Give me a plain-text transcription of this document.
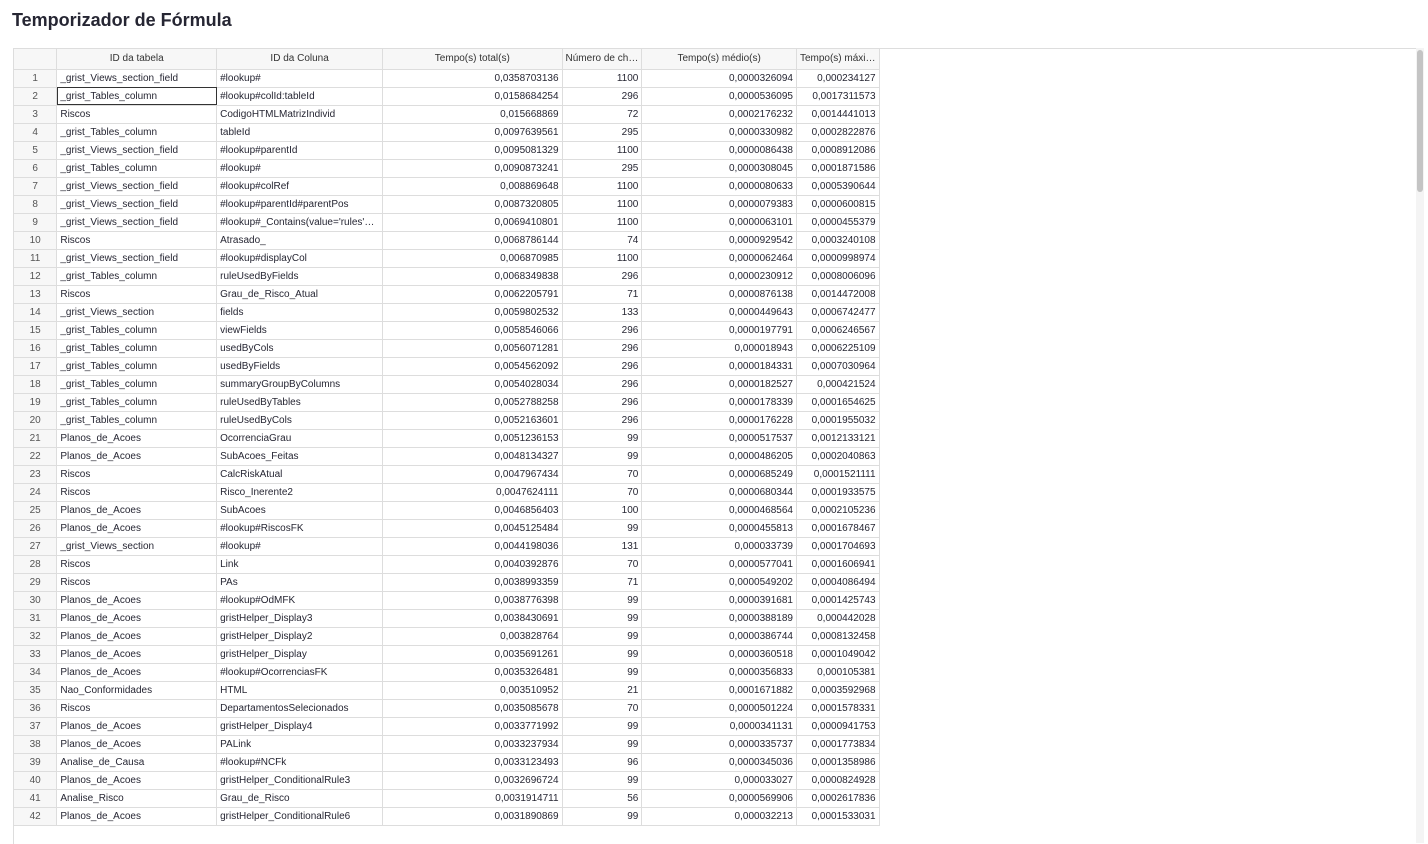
Temporizador de Fórmula
	ID da tabela	ID da Coluna	Tempo(s) total(s)	Número de ch…	Tempo(s) médio(s)	Tempo(s) máxi…	
1	_grist_Views_section_field	#lookup#	0,0358703136	1100	0,0000326094	0,000234127	
2	_grist_Tables_column	#lookup#colId:tableId	0,0158684254	296	0,0000536095	0,0017311573	
3	Riscos	CodigoHTMLMatrizIndivid	0,015668869	72	0,0002176232	0,0014441013	
4	_grist_Tables_column	tableId	0,0097639561	295	0,0000330982	0,0002822876	
5	_grist_Views_section_field	#lookup#parentId	0,0095081329	1100	0,0000086438	0,0008912086	
6	_grist_Tables_column	#lookup#	0,0090873241	295	0,0000308045	0,0001871586	
7	_grist_Views_section_field	#lookup#colRef	0,008869648	1100	0,0000080633	0,0005390644	
8	_grist_Views_section_field	#lookup#parentId#parentPos	0,0087320805	1100	0,0000079383	0,0000600815	
9	_grist_Views_section_field	#lookup#_Contains(value='rules'…	0,0069410801	1100	0,0000063101	0,0000455379	
10	Riscos	Atrasado_	0,0068786144	74	0,0000929542	0,0003240108	
11	_grist_Views_section_field	#lookup#displayCol	0,006870985	1100	0,0000062464	0,0000998974	
12	_grist_Tables_column	ruleUsedByFields	0,0068349838	296	0,0000230912	0,0008006096	
13	Riscos	Grau_de_Risco_Atual	0,0062205791	71	0,0000876138	0,0014472008	
14	_grist_Views_section	fields	0,0059802532	133	0,0000449643	0,0006742477	
15	_grist_Tables_column	viewFields	0,0058546066	296	0,0000197791	0,0006246567	
16	_grist_Tables_column	usedByCols	0,0056071281	296	0,000018943	0,0006225109	
17	_grist_Tables_column	usedByFields	0,0054562092	296	0,0000184331	0,0007030964	
18	_grist_Tables_column	summaryGroupByColumns	0,0054028034	296	0,0000182527	0,000421524	
19	_grist_Tables_column	ruleUsedByTables	0,0052788258	296	0,0000178339	0,0001654625	
20	_grist_Tables_column	ruleUsedByCols	0,0052163601	296	0,0000176228	0,0001955032	
21	Planos_de_Acoes	OcorrenciaGrau	0,0051236153	99	0,0000517537	0,0012133121	
22	Planos_de_Acoes	SubAcoes_Feitas	0,0048134327	99	0,0000486205	0,0002040863	
23	Riscos	CalcRiskAtual	0,0047967434	70	0,0000685249	0,0001521111	
24	Riscos	Risco_Inerente2	0,0047624111	70	0,0000680344	0,0001933575	
25	Planos_de_Acoes	SubAcoes	0,0046856403	100	0,0000468564	0,0002105236	
26	Planos_de_Acoes	#lookup#RiscosFK	0,0045125484	99	0,0000455813	0,0001678467	
27	_grist_Views_section	#lookup#	0,0044198036	131	0,000033739	0,0001704693	
28	Riscos	Link	0,0040392876	70	0,0000577041	0,0001606941	
29	Riscos	PAs	0,0038993359	71	0,0000549202	0,0004086494	
30	Planos_de_Acoes	#lookup#OdMFK	0,0038776398	99	0,0000391681	0,0001425743	
31	Planos_de_Acoes	gristHelper_Display3	0,0038430691	99	0,0000388189	0,000442028	
32	Planos_de_Acoes	gristHelper_Display2	0,003828764	99	0,0000386744	0,0008132458	
33	Planos_de_Acoes	gristHelper_Display	0,0035691261	99	0,0000360518	0,0001049042	
34	Planos_de_Acoes	#lookup#OcorrenciasFK	0,0035326481	99	0,0000356833	0,000105381	
35	Nao_Conformidades	HTML	0,003510952	21	0,0001671882	0,0003592968	
36	Riscos	DepartamentosSelecionados	0,0035085678	70	0,0000501224	0,0001578331	
37	Planos_de_Acoes	gristHelper_Display4	0,0033771992	99	0,0000341131	0,0000941753	
38	Planos_de_Acoes	PALink	0,0033237934	99	0,0000335737	0,0001773834	
39	Analise_de_Causa	#lookup#NCFk	0,0033123493	96	0,0000345036	0,0001358986	
40	Planos_de_Acoes	gristHelper_ConditionalRule3	0,0032696724	99	0,000033027	0,0000824928	
41	Analise_Risco	Grau_de_Risco	0,0031914711	56	0,0000569906	0,0002617836	
42	Planos_de_Acoes	gristHelper_ConditionalRule6	0,0031890869	99	0,000032213	0,0001533031	
